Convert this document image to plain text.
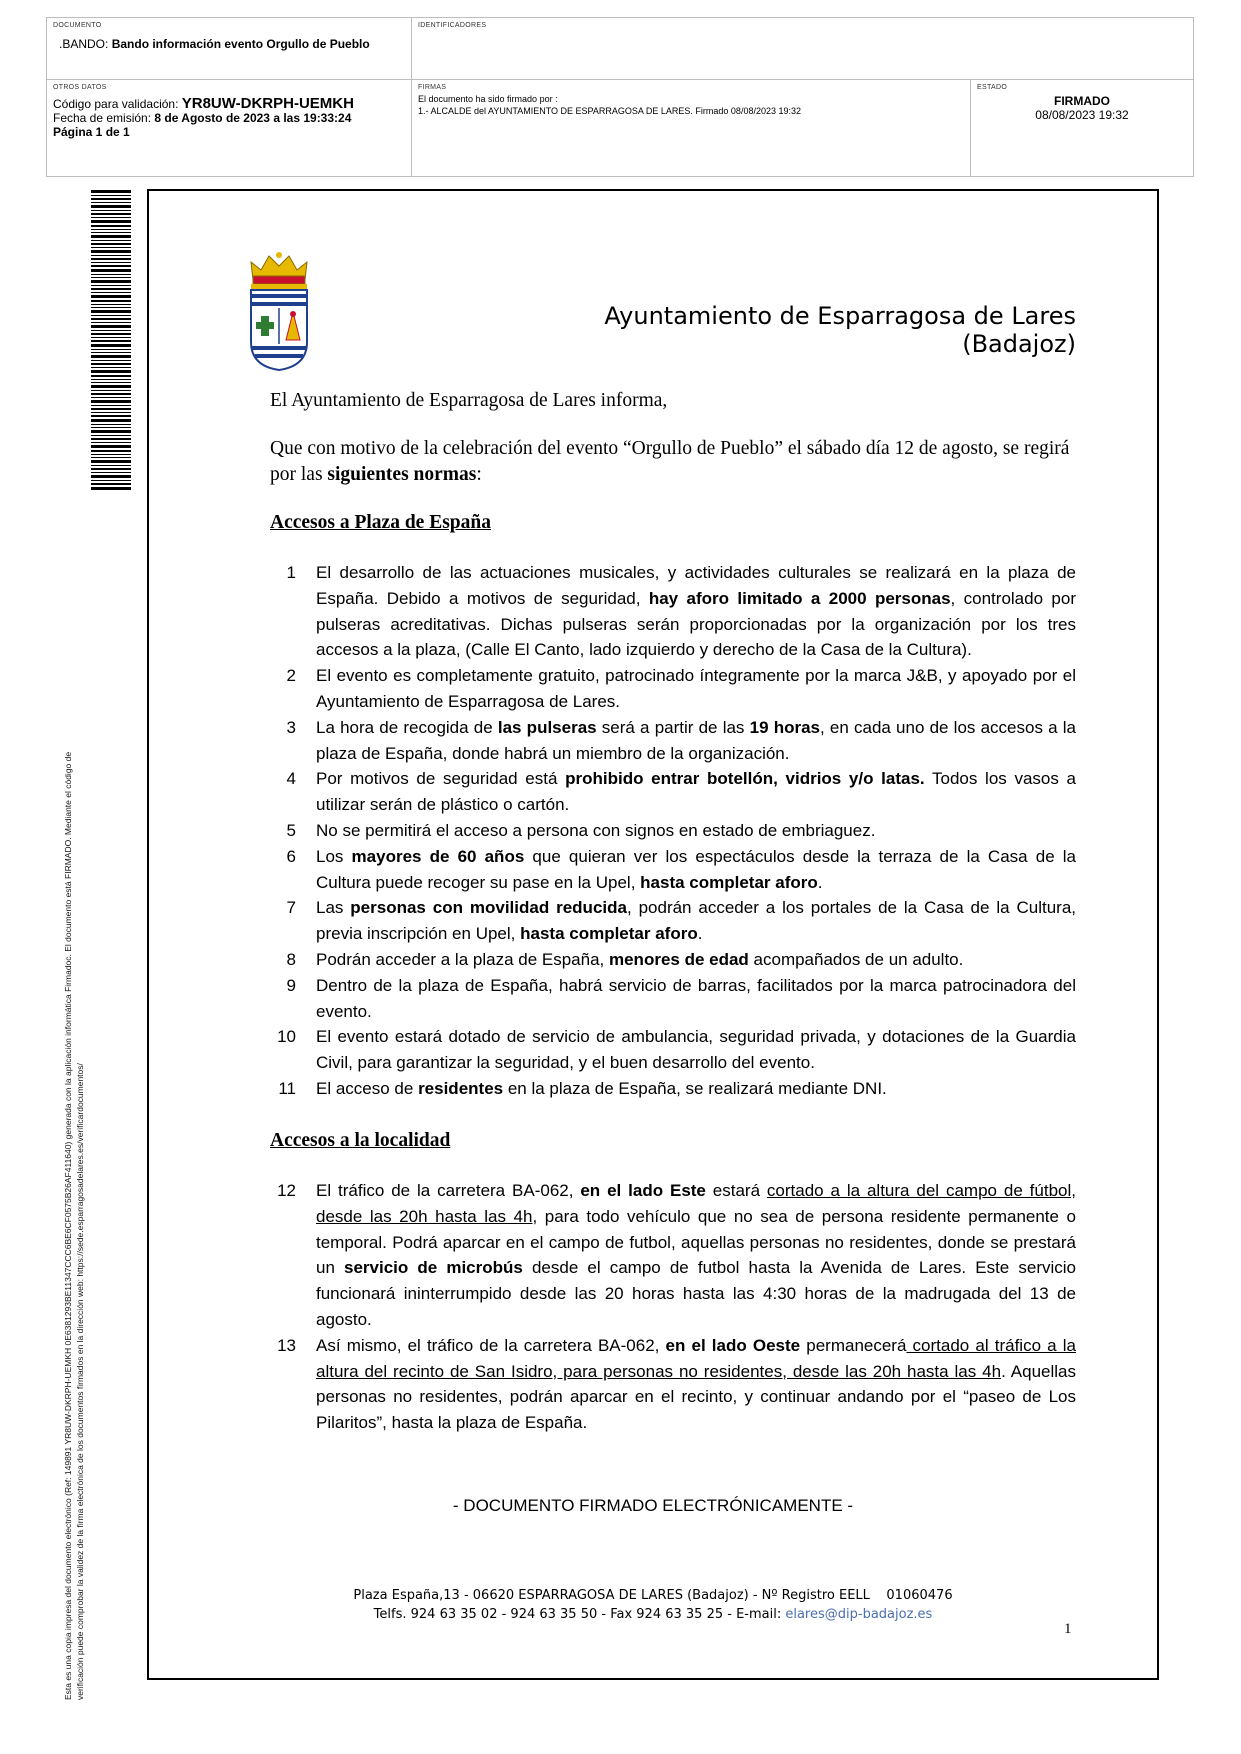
DOCUMENTO
.BANDO: Bando información evento Orgullo de Pueblo
IDENTIFICADORES
OTROS DATOS
Código para validación: YR8UW-DKRPH-UEMKH
Fecha de emisión: 8 de Agosto de 2023 a las 19:33:24
Página 1 de 1
FIRMAS
El documento ha sido firmado por :
1.- ALCALDE del AYUNTAMIENTO DE ESPARRAGOSA DE LARES. Firmado 08/08/2023 19:32
ESTADO
FIRMADO
08/08/2023 19:32
Esta es una copia impresa del documento electrónico (Ref: 149891 YR8UW-DKRPH-UEMKH 0E6381293BE11347CCC6BE6CF0575B26AF411640) generada con la aplicación informática Firmadoc. El documento está FIRMADO. Mediante el código de verificación puede comprobar la validez de la firma electrónica de los documentos firmados en la dirección web: https://sede.esparragosadelares.es/verificardocumentos/
Ayuntamiento de Esparragosa de Lares (Badajoz)
El Ayuntamiento de Esparragosa de Lares informa,
Que con motivo de la celebración del evento “Orgullo de Pueblo” el sábado día 12 de agosto, se regirá por las siguientes normas:
Accesos a Plaza de España
1 El desarrollo de las actuaciones musicales, y actividades culturales se realizará en la plaza de España. Debido a motivos de seguridad, hay aforo limitado a 2000 personas, controlado por pulseras acreditativas. Dichas pulseras serán proporcionadas por la organización por los tres accesos a la plaza, (Calle El Canto, lado izquierdo y derecho de la Casa de la Cultura).
2 El evento es completamente gratuito, patrocinado íntegramente por la marca J&B, y apoyado por el Ayuntamiento de Esparragosa de Lares.
3 La hora de recogida de las pulseras será a partir de las 19 horas, en cada uno de los accesos a la plaza de España, donde habrá un miembro de la organización.
4 Por motivos de seguridad está prohibido entrar botellón, vidrios y/o latas. Todos los vasos a utilizar serán de plástico o cartón.
5 No se permitirá el acceso a persona con signos en estado de embriaguez.
6 Los mayores de 60 años que quieran ver los espectáculos desde la terraza de la Casa de la Cultura puede recoger su pase en la Upel, hasta completar aforo.
7 Las personas con movilidad reducida, podrán acceder a los portales de la Casa de la Cultura, previa inscripción en Upel, hasta completar aforo.
8 Podrán acceder a la plaza de España, menores de edad acompañados de un adulto.
9 Dentro de la plaza de España, habrá servicio de barras, facilitados por la marca patrocinadora del evento.
10 El evento estará dotado de servicio de ambulancia, seguridad privada, y dotaciones de la Guardia Civil, para garantizar la seguridad, y el buen desarrollo del evento.
11 El acceso de residentes en la plaza de España, se realizará mediante DNI.
Accesos a la localidad
12 El tráfico de la carretera BA-062, en el lado Este estará cortado a la altura del campo de fútbol, desde las 20h hasta las 4h, para todo vehículo que no sea de persona residente permanente o temporal. Podrá aparcar en el campo de futbol, aquellas personas no residentes, donde se prestará un servicio de microbús desde el campo de futbol hasta la Avenida de Lares. Este servicio funcionará ininterrumpido desde las 20 horas hasta las 4:30 horas de la madrugada del 13 de agosto.
13 Así mismo, el tráfico de la carretera BA-062, en el lado Oeste permanecerá cortado al tráfico a la altura del recinto de San Isidro, para personas no residentes, desde las 20h hasta las 4h. Aquellas personas no residentes, podrán aparcar en el recinto, y continuar andando por el “paseo de Los Pilaritos”, hasta la plaza de España.
- DOCUMENTO FIRMADO ELECTRÓNICAMENTE -
Plaza España,13 - 06620 ESPARRAGOSA DE LARES (Badajoz) - Nº Registro EELL    01060476
Telfs. 924 63 35 02 - 924 63 35 50 - Fax 924 63 35 25 - E-mail: elares@dip-badajoz.es
1
